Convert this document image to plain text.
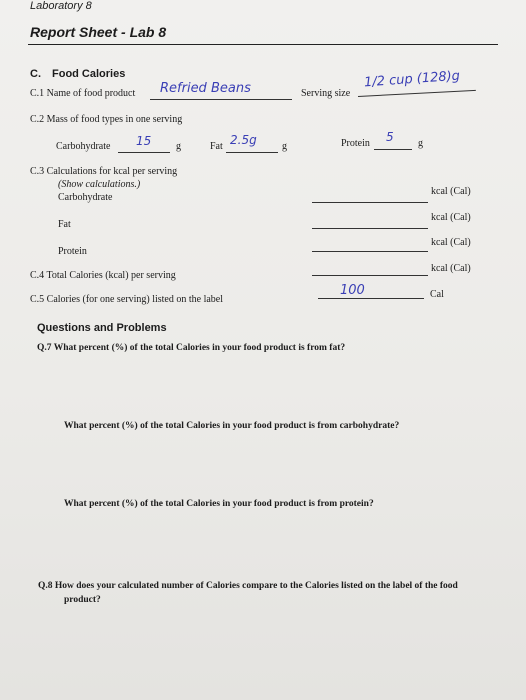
Laboratory 8
Report Sheet - Lab 8
C. Food Calories
C.1 Name of food product Refried Beans	Serving size
1/2 cup (128)g
C.2 Mass of food types in one serving
Carbohydrate 15 g	Fat 2.5g	g	Protein 5 g
C.3 Calculations for kcal per serving
(Show calculations.)
Carbohydrate
kcal (Cal)
Fat
kcal (Cal)
Protein
kcal (Cal)
C.4 Total Calories (kcal) per serving
kcal (Cal)
C.5 Calories (for one serving) listed on the label
100	Cal
Questions and Problems
Q.7 What percent (%) of the total Calories in your food product is from fat?
What percent (%) of the total Calories in your food product is from carbohydrate?
What percent (%) of the total Calories in your food product is from protein?
Q.8 How does your calculated number of Calories compare to the Calories listed on the label of the food
product?
